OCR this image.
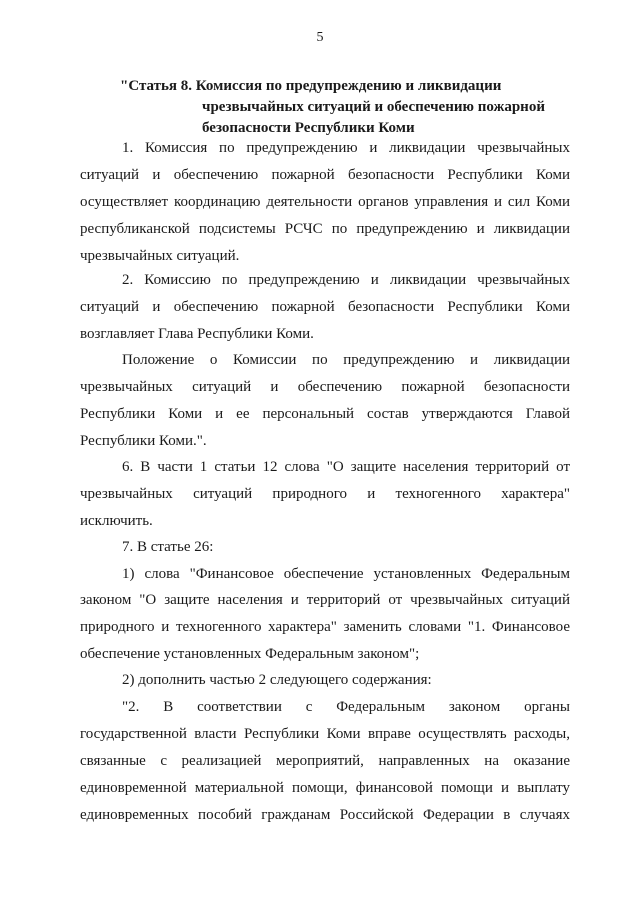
5
"Статья 8. Комиссия по предупреждению и ликвидации
чрезвычайных ситуаций и обеспечению пожарной
безопасности Республики Коми
1. Комиссия по предупреждению и ликвидации чрезвычайных
ситуаций и обеспечению пожарной безопасности Республики Коми
осуществляет координацию деятельности органов управления и сил Коми
республиканской подсистемы РСЧС по предупреждению и ликвидации
чрезвычайных ситуаций.
2. Комиссию по предупреждению и ликвидации чрезвычайных
ситуаций и обеспечению пожарной безопасности Республики Коми
возглавляет Глава Республики Коми.
Положение о Комиссии по предупреждению и ликвидации
чрезвычайных ситуаций и обеспечению пожарной безопасности
Республики Коми и ее персональный состав утверждаются Главой
Республики Коми.".
6. В части 1 статьи 12 слова "О защите населения территорий от
чрезвычайных ситуаций природного и техногенного характера"
исключить.
7. В статье 26:
1) слова "Финансовое обеспечение установленных Федеральным
законом "О защите населения и территорий от чрезвычайных ситуаций
природного и техногенного характера" заменить словами "1. Финансовое
обеспечение установленных Федеральным законом";
2) дополнить частью 2 следующего содержания:
"2. В соответствии с Федеральным законом органы
государственной власти Республики Коми вправе осуществлять расходы,
связанные с реализацией мероприятий, направленных на оказание
единовременной материальной помощи, финансовой помощи и выплату
единовременных пособий гражданам Российской Федерации в случаях
